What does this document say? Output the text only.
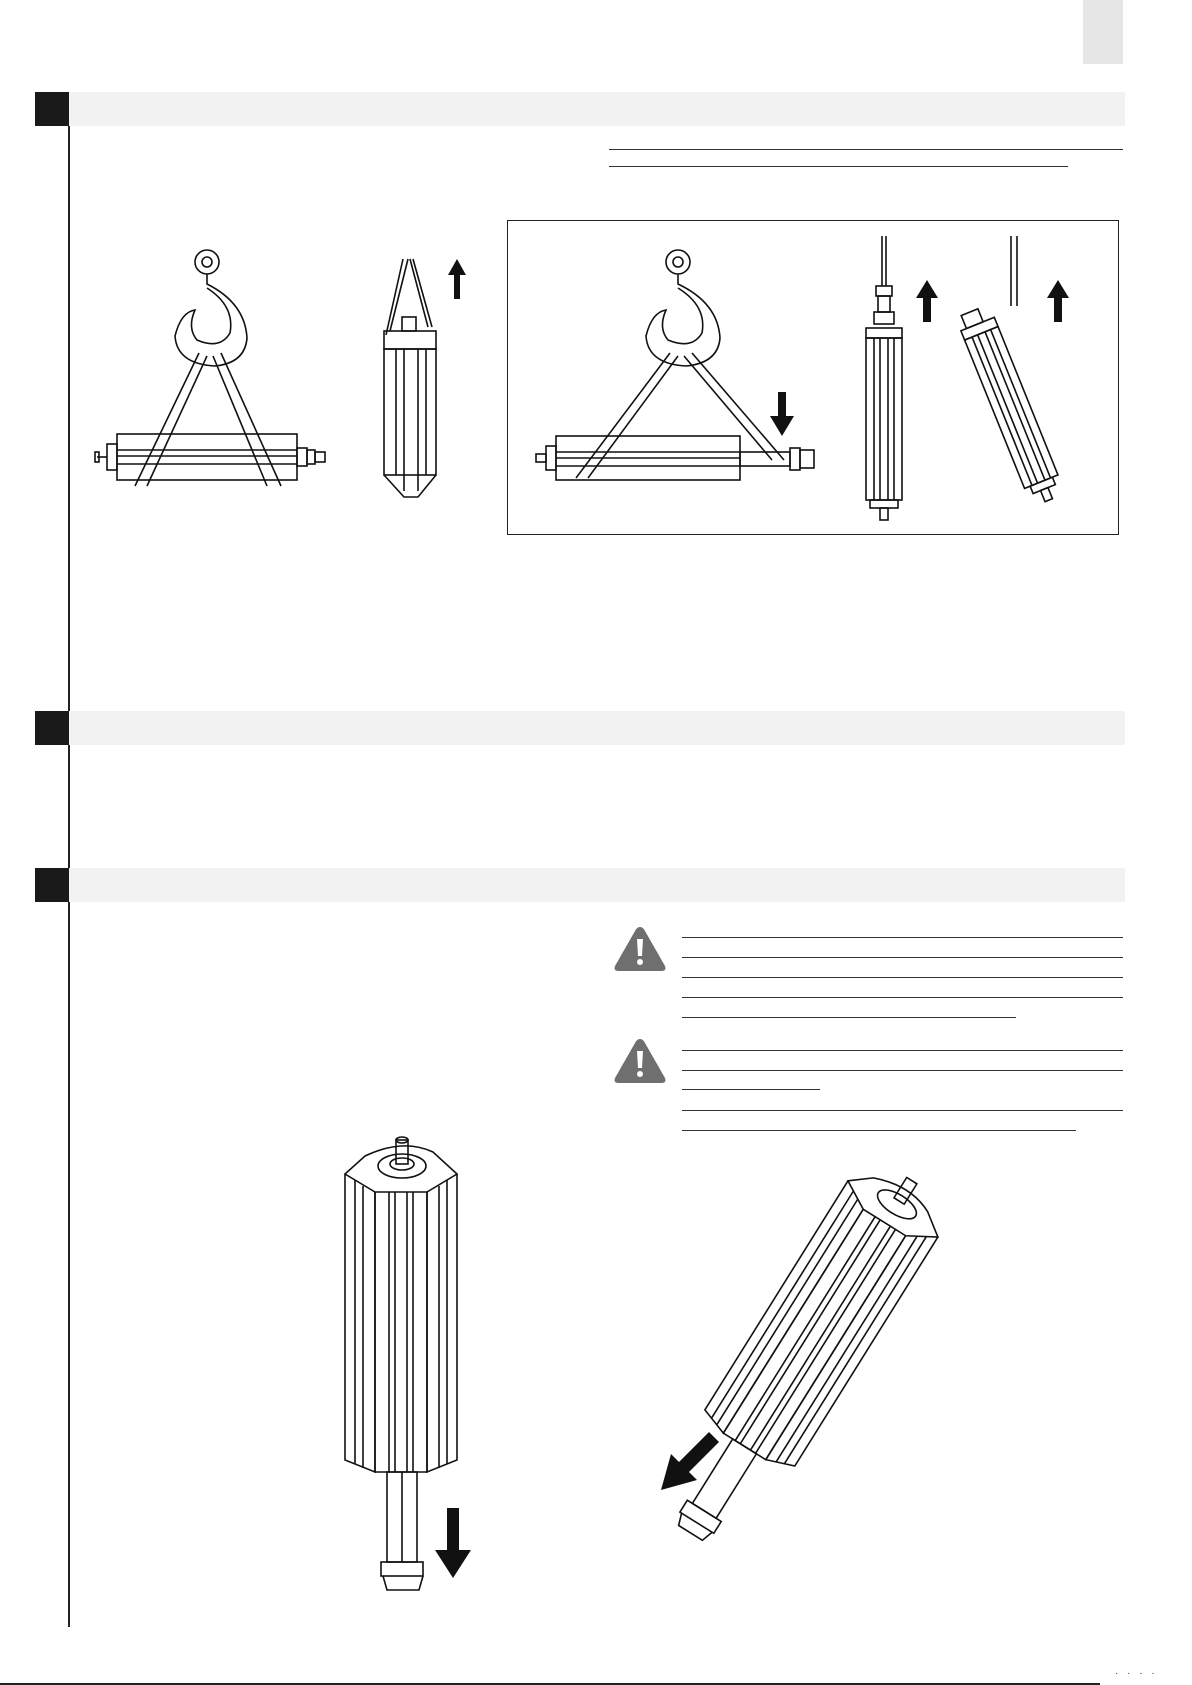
· · · ·
